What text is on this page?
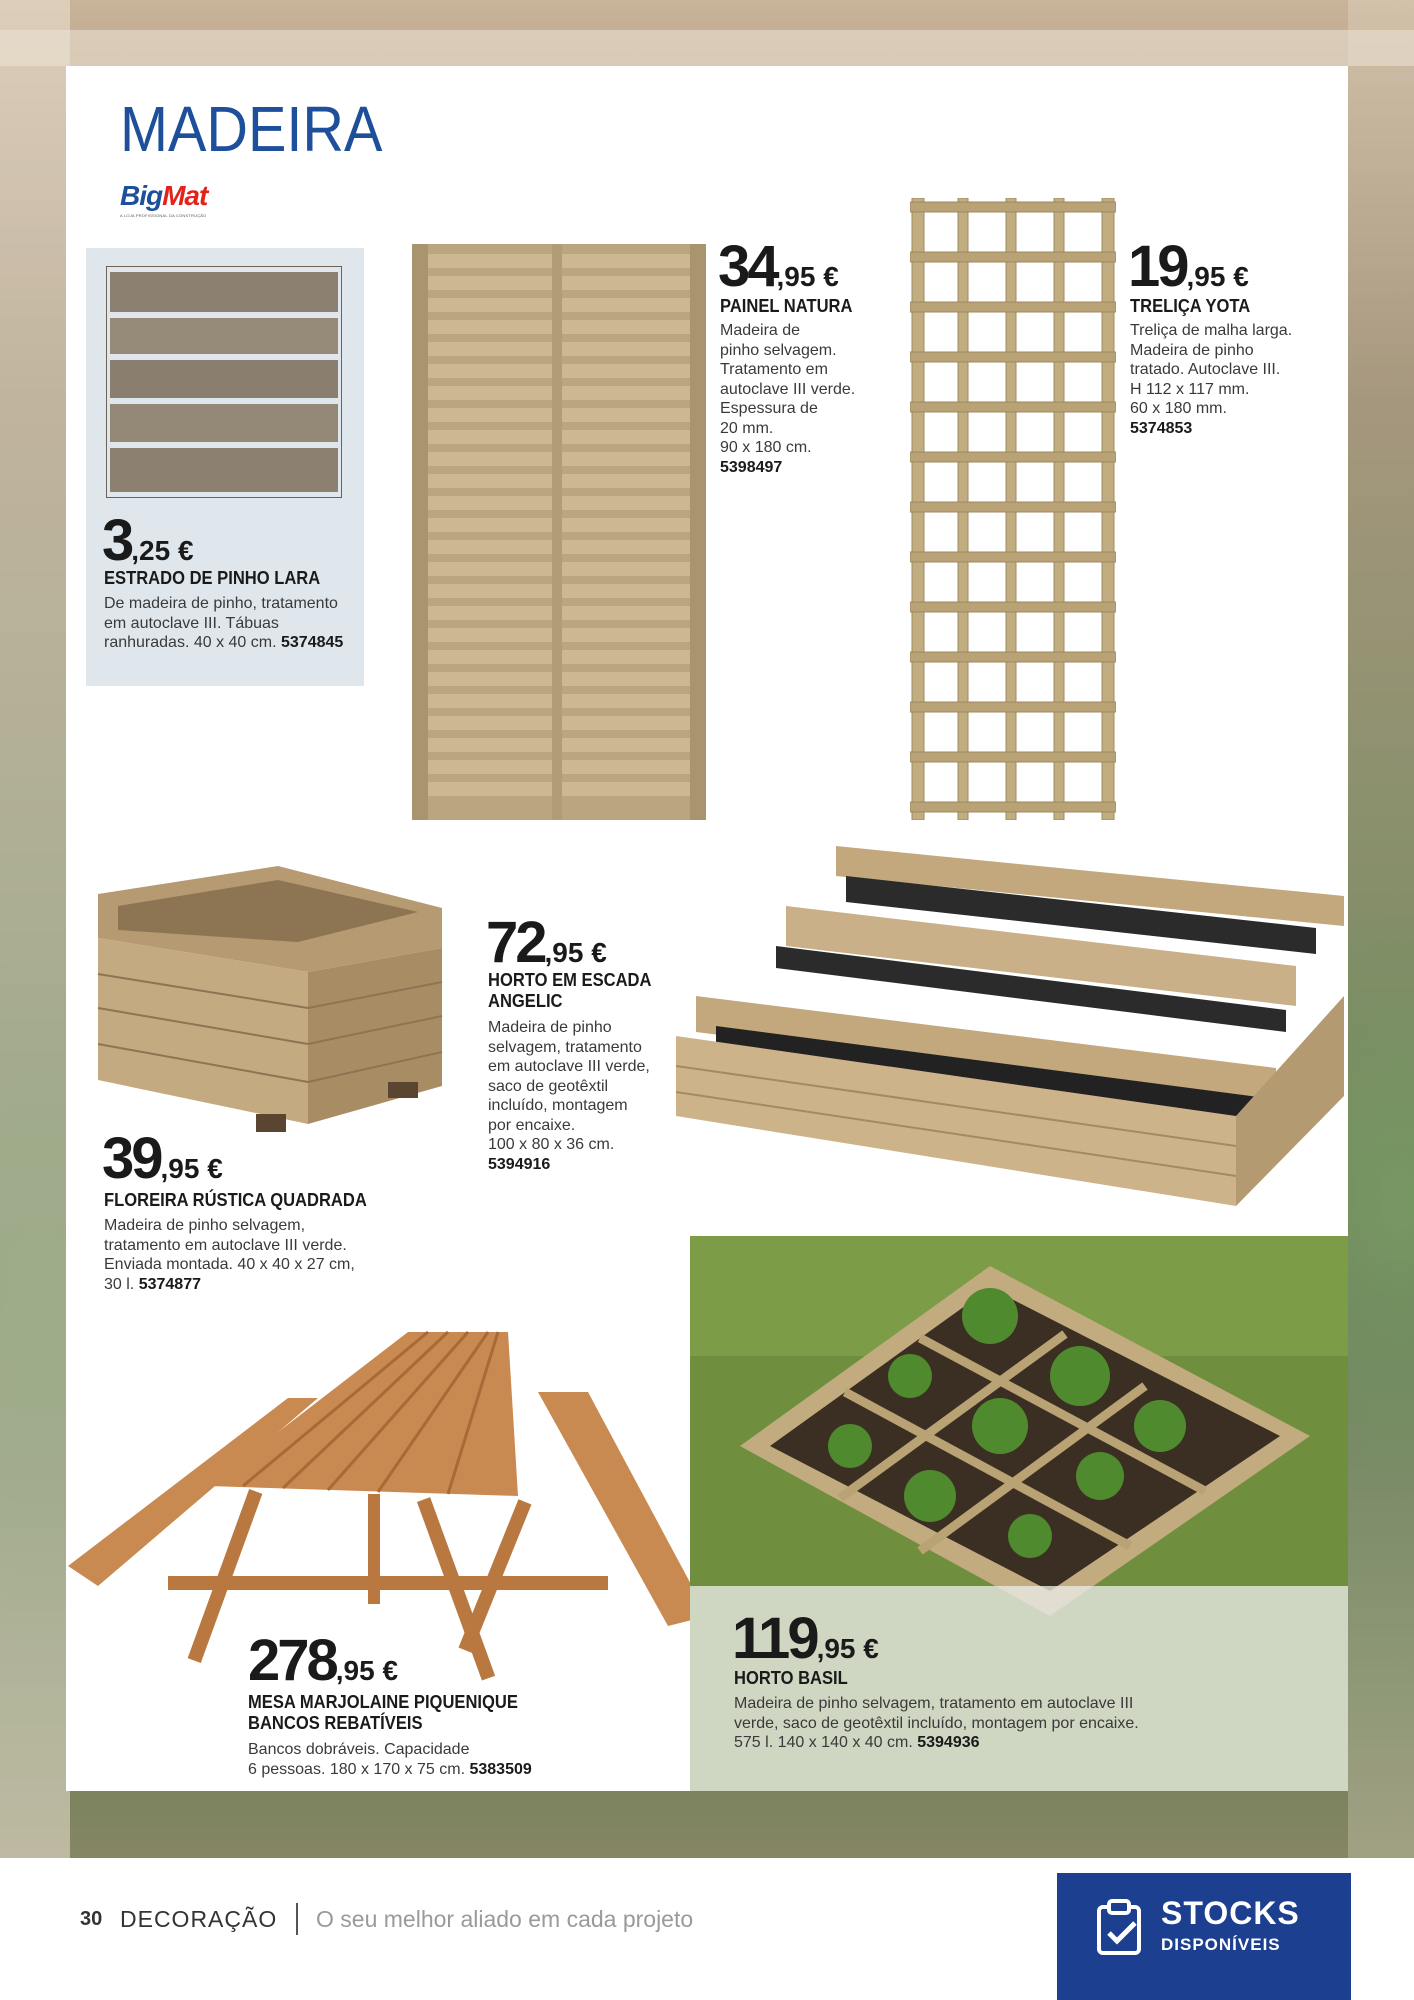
MADEIRA
BigMat
A LOJA PROFISSIONAL DA CONSTRUÇÃO
3,25 €
ESTRADO DE PINHO LARA
De madeira de pinho, tratamento em autoclave III. Tábuas ranhuradas. 40 x 40 cm. 5374845
34,95 €
PAINEL NATURA
Madeira de
pinho selvagem.
Tratamento em
autoclave III verde.
Espessura de
20 mm.
90 x 180 cm.
5398497
19,95 €
TRELIÇA YOTA
Treliça de malha larga.
Madeira de pinho
tratado. Autoclave III.
H 112 x 117 mm.
60 x 180 mm.
5374853
39,95 €
FLOREIRA RÚSTICA QUADRADA
Madeira de pinho selvagem,
tratamento em autoclave III verde.
Enviada montada. 40 x 40 x 27 cm,
30 l. 5374877
72,95 €
HORTO EM ESCADA
ANGELIC
Madeira de pinho
selvagem, tratamento
em autoclave III verde,
saco de geotêxtil
incluído, montagem
por encaixe.
100 x 80 x 36 cm.
5394916
278,95 €
MESA MARJOLAINE PIQUENIQUE
BANCOS REBATÍVEIS
Bancos dobráveis. Capacidade
6 pessoas. 180 x 170 x 75 cm. 5383509
119,95 €
HORTO BASIL
Madeira de pinho selvagem, tratamento em autoclave III
verde, saco de geotêxtil incluído, montagem por encaixe.
575 l. 140 x 140 x 40 cm. 5394936
30 DECORAÇÃO O seu melhor aliado em cada projeto	STOCKS
DISPONÍVEIS
